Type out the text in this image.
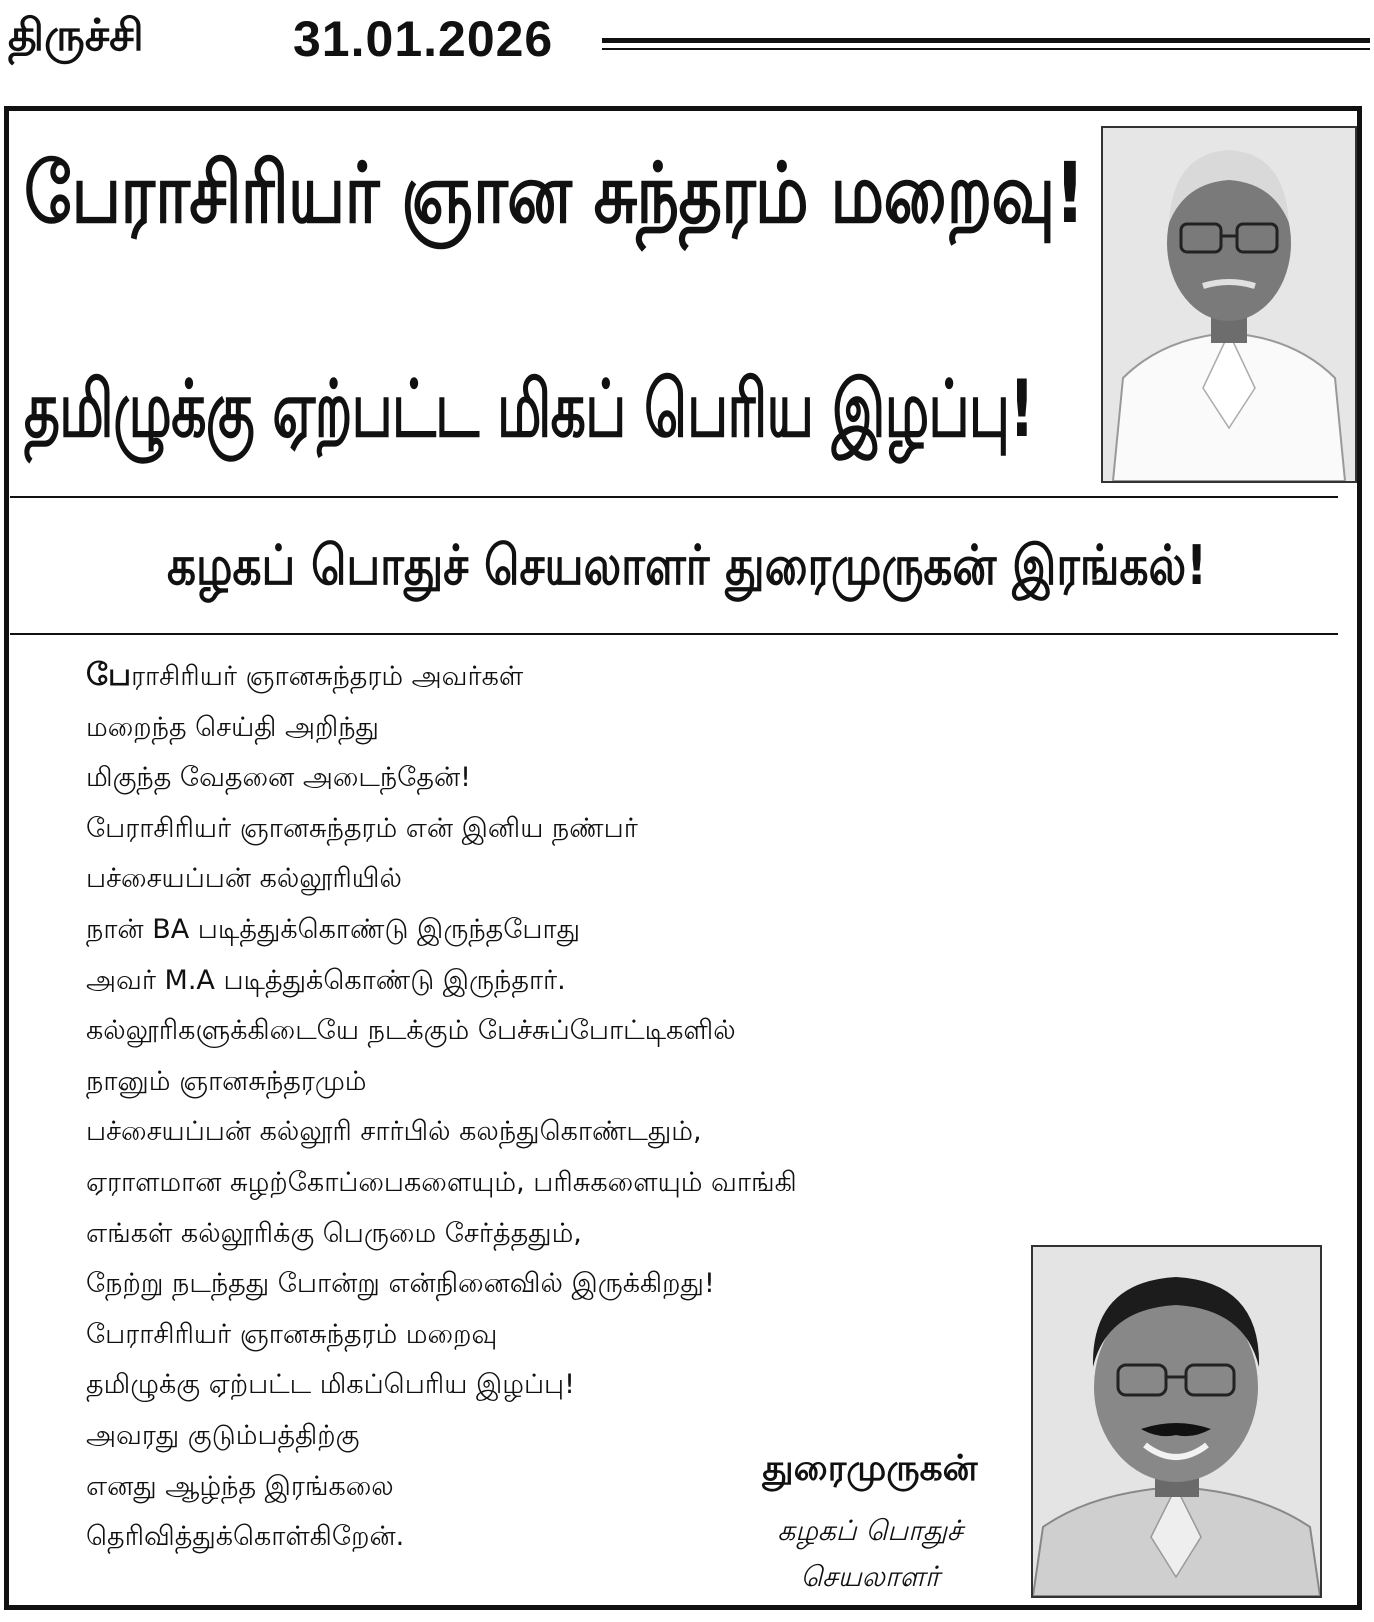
திருச்சி	31.01.2026
பேராசிரியர் ஞான சுந்தரம் மறைவு!
தமிழுக்கு ஏற்பட்ட மிகப் பெரிய இழப்பு!
கழகப் பொதுச் செயலாளர் துரைமுருகன் இரங்கல்!
பேராசிரியர் ஞானசுந்தரம் அவர்கள்
மறைந்த செய்தி அறிந்து
மிகுந்த வேதனை அடைந்தேன்!
பேராசிரியர் ஞானசுந்தரம் என் இனிய நண்பர்
பச்சையப்பன் கல்லூரியில்
நான் BA படித்துக்கொண்டு இருந்தபோது
அவர் M.A படித்துக்கொண்டு இருந்தார்.
கல்லூரிகளுக்கிடையே நடக்கும் பேச்சுப்போட்டிகளில்
நானும் ஞானசுந்தரமும்
பச்சையப்பன் கல்லூரி சார்பில் கலந்துகொண்டதும்,
ஏராளமான சுழற்கோப்பைகளையும், பரிசுகளையும் வாங்கி
எங்கள் கல்லூரிக்கு பெருமை சேர்த்ததும்,
நேற்று நடந்தது போன்று என்நினைவில் இருக்கிறது!
பேராசிரியர் ஞானசுந்தரம் மறைவு
தமிழுக்கு ஏற்பட்ட மிகப்பெரிய இழப்பு!
அவரது குடும்பத்திற்கு
எனது ஆழ்ந்த இரங்கலை
தெரிவித்துக்கொள்கிறேன்.
துரைமுருகன்
கழகப் பொதுச்
செயலாளர்
